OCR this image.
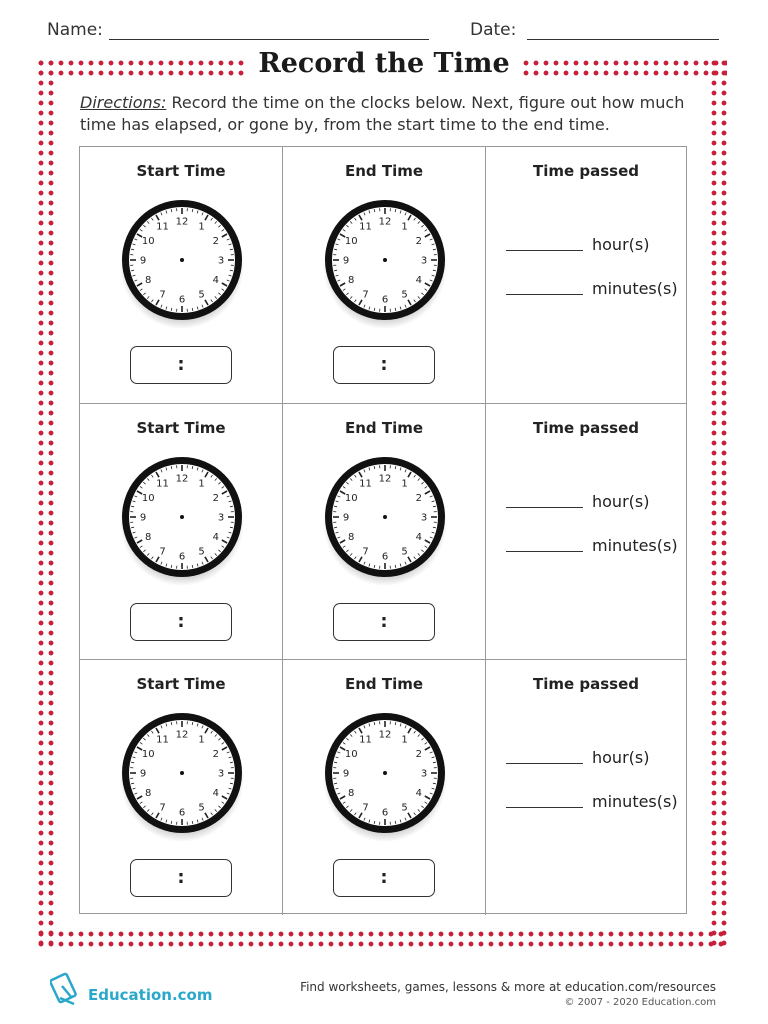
Name:	Date:
Record the Time
Directions: Record the time on the clocks below. Next, figure out how much time has elapsed, or gone by, from the start time to the end time.
Start Time
12 1
2
3
4
5
6
7
8
9
10
11
:
End Time
12 1
2
3
4
5
6
7
8
9
10
11
:
Time passed
hour(s)
minutes(s)
Start Time
12 1
2
3
4
5
6
7
8
9
10
11
:
End Time
12 1
2
3
4
5
6
7
8
9
10
11
:
Time passed
hour(s)
minutes(s)
Start Time
12 1
2
3
4
5
6
7
8
9
10
11
:
End Time
12 1
2
3
4
5
6
7
8
9
10
11
:
Time passed
hour(s)
minutes(s)
Education.com	Find worksheets, games, lessons & more at education.com/resources
© 2007 - 2020 Education.com
